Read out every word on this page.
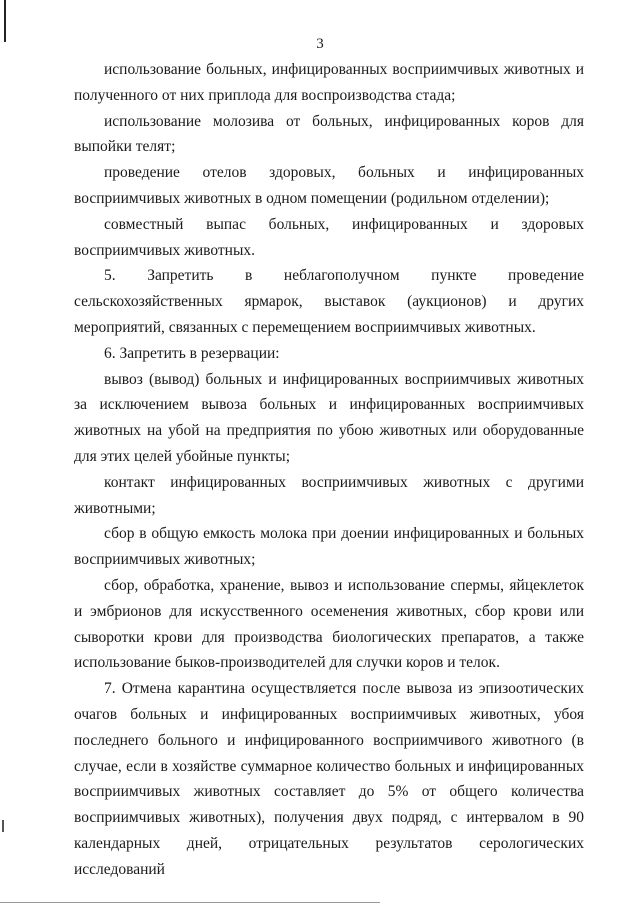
3

использование больных, инфицированных восприимчивых животных и полученного от них приплода для воспроизводства стада;

использование молозива от больных, инфицированных коров для выпойки телят;

проведение отелов здоровых, больных и инфицированных восприимчивых животных в одном помещении (родильном отделении);

совместный выпас больных, инфицированных и здоровых восприимчивых животных.

5. Запретить в неблагополучном пункте проведение сельскохозяйственных ярмарок, выставок (аукционов) и других мероприятий, связанных с перемещением восприимчивых животных.

6. Запретить в резервации:

вывоз (вывод) больных и инфицированных восприимчивых животных за исключением вывоза больных и инфицированных восприимчивых животных на убой на предприятия по убою животных или оборудованные для этих целей убойные пункты;

контакт инфицированных восприимчивых животных с другими животными;

сбор в общую емкость молока при доении инфицированных и больных восприимчивых животных;

сбор, обработка, хранение, вывоз и использование спермы, яйцеклеток и эмбрионов для искусственного осеменения животных, сбор крови или сыворотки крови для производства биологических препаратов, а также использование быков-производителей для случки коров и телок.

7. Отмена карантина осуществляется после вывоза из эпизоотических очагов больных и инфицированных восприимчивых животных, убоя последнего больного и инфицированного восприимчивого животного (в случае, если в хозяйстве суммарное количество больных и инфицированных восприимчивых животных составляет до 5% от общего количества восприимчивых животных), получения двух подряд, с интервалом в 90 календарных дней, отрицательных результатов серологических исследований
